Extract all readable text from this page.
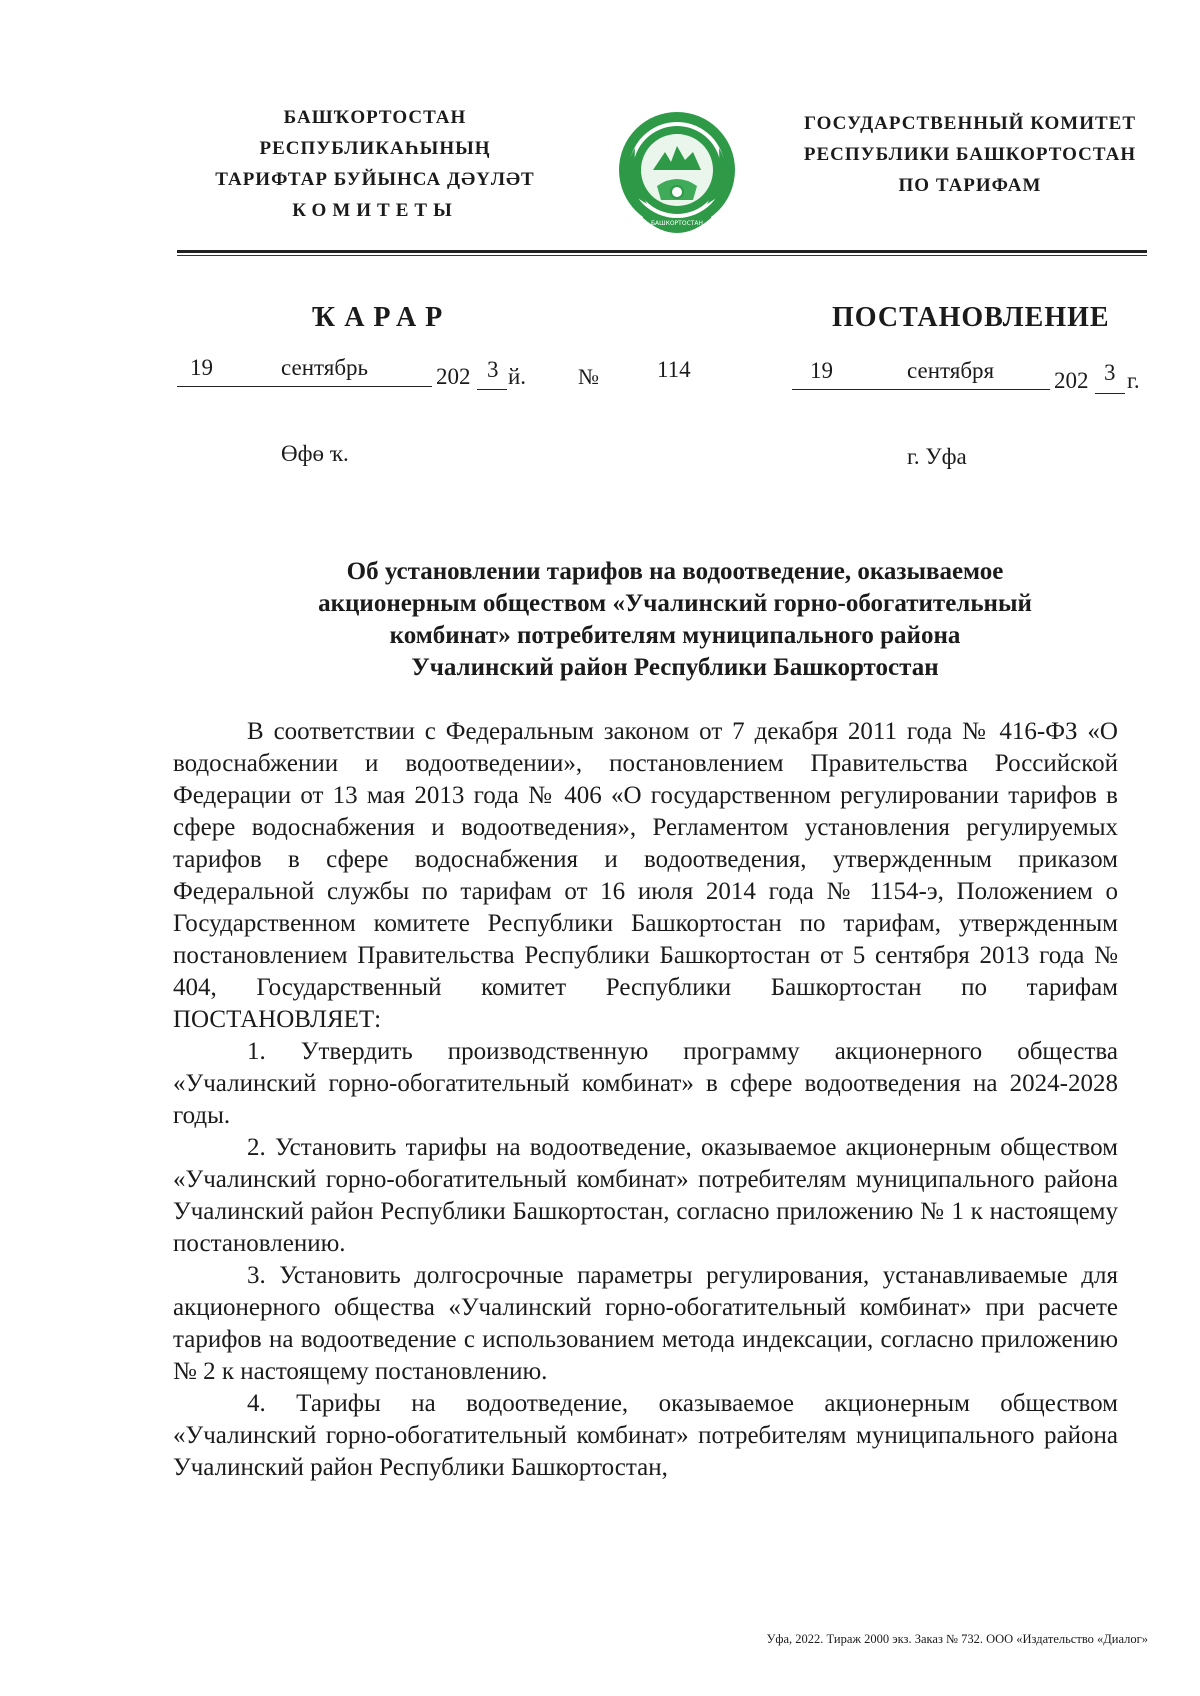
БАШҠОРТОСТАН РЕСПУБЛИКАҺЫНЫҢ
ТАРИФТАР БУЙЫНСА ДӘҮЛӘТ
КОМИТЕТЫ
БАШКОРТОСТАН
ГОСУДАРСТВЕННЫЙ КОМИТЕТ
РЕСПУБЛИКИ БАШКОРТОСТАН
ПО ТАРИФАМ
ҠАРАР	ПОСТАНОВЛЕНИЕ
19	сентябрь	202 3 й. №	114	19	сентября	202 3 г.
Өфө ҡ.	г. Уфа
Об установлении тарифов на водоотведение, оказываемое
акционерным обществом «Учалинский горно-обогатительный
комбинат» потребителям муниципального района
Учалинский район Республики Башкортостан

В соответствии с Федеральным законом от 7 декабря 2011 года № 416-ФЗ «О водоснабжении и водоотведении», постановлением Правительства Российской Федерации от 13 мая 2013 года № 406 «О государственном регулировании тарифов в сфере водоснабжения и водоотведения», Регламентом установления регулируемых тарифов в сфере водоснабжения и водоотведения, утвержденным приказом Федеральной службы по тарифам от 16 июля 2014 года № 1154-э, Положением о Государственном комитете Республики Башкортостан по тарифам, утвержденным постановлением Правительства Республики Башкортостан от 5 сентября 2013 года № 404, Государственный комитет Республики Башкортостан по тарифам ПОСТАНОВЛЯЕТ:

1. Утвердить производственную программу акционерного общества «Учалинский горно-обогатительный комбинат» в сфере водоотведения на 2024-2028 годы.

2. Установить тарифы на водоотведение, оказываемое акционерным обществом «Учалинский горно-обогатительный комбинат» потребителям муниципального района Учалинский район Республики Башкортостан, согласно приложению № 1 к настоящему постановлению.

3. Установить долгосрочные параметры регулирования, устанавливаемые для акционерного общества «Учалинский горно-обогатительный комбинат» при расчете тарифов на водоотведение с использованием метода индексации, согласно приложению № 2 к настоящему постановлению.

4. Тарифы на водоотведение, оказываемое акционерным обществом «Учалинский горно-обогатительный комбинат» потребителям муниципального района Учалинский район Республики Башкортостан,

Уфа, 2022. Тираж 2000 экз. Заказ № 732. ООО «Издательство «Диалог»
